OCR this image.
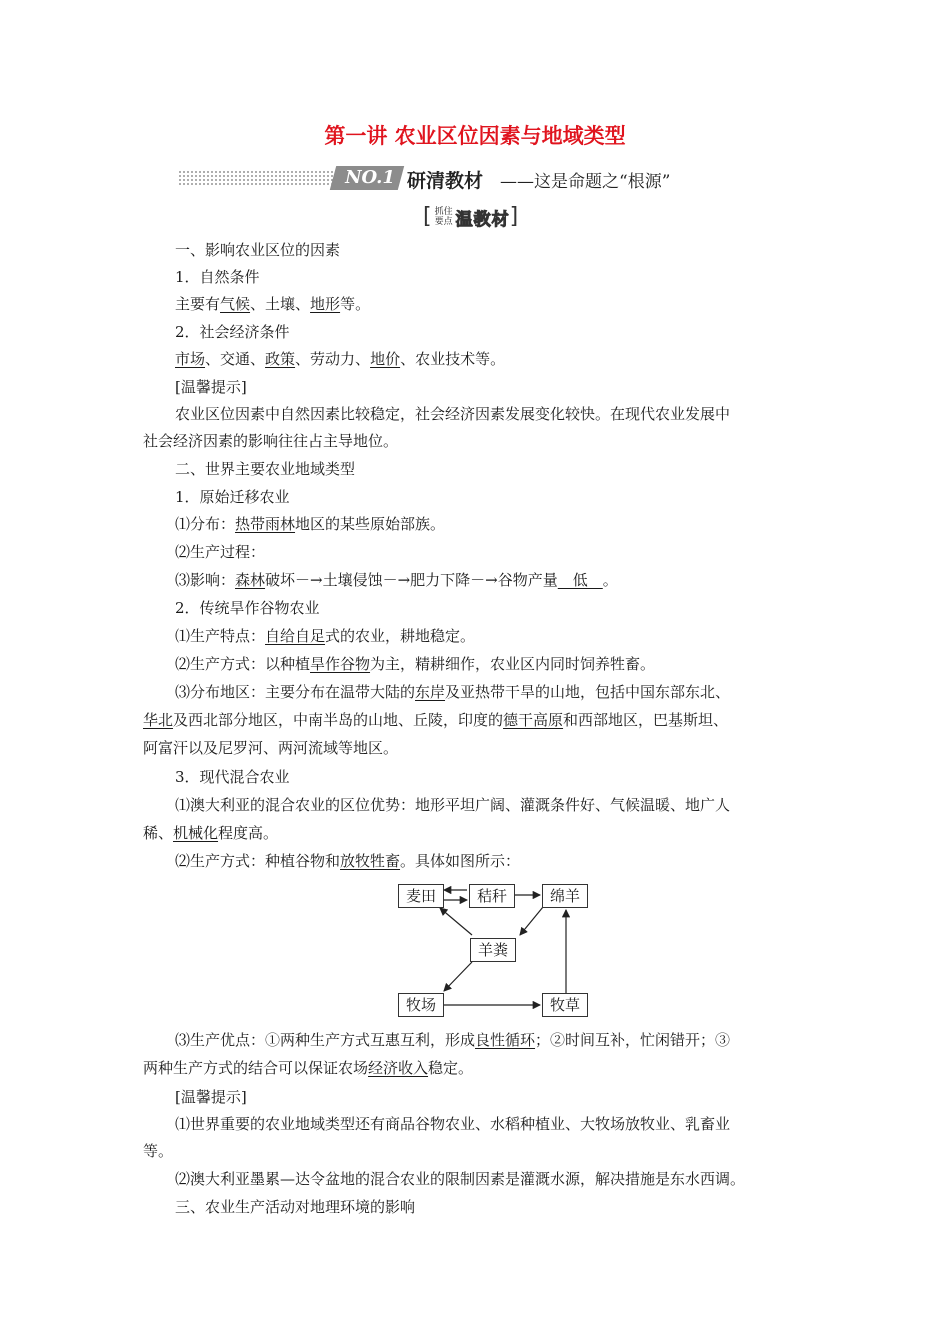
第一讲 农业区位因素与地域类型
NO.1 研清教材 ——这是命题之“根源”
[ 抓住
要点 温教材 ]
一、影响农业区位的因素
1．自然条件
主要有气候、土壤、地形等。
2．社会经济条件
市场、交通、政策、劳动力、地价、农业技术等。
[温馨提示]
农业区位因素中自然因素比较稳定，社会经济因素发展变化较快。在现代农业发展中
社会经济因素的影响往往占主导地位。
二、世界主要农业地域类型
1．原始迁移农业
⑴分布：热带雨林地区的某些原始部族。
⑵生产过程：
⑶影响：森林破坏－→土壤侵蚀－→肥力下降－→谷物产量　低　。
2．传统旱作谷物农业
⑴生产特点：自给自足式的农业，耕地稳定。
⑵生产方式：以种植旱作谷物为主，精耕细作，农业区内同时饲养牲畜。
⑶分布地区：主要分布在温带大陆的东岸及亚热带干旱的山地，包括中国东部东北、
华北及西北部分地区，中南半岛的山地、丘陵，印度的德干高原和西部地区，巴基斯坦、
阿富汗以及尼罗河、两河流域等地区。
3．现代混合农业
⑴澳大利亚的混合农业的区位优势：地形平坦广阔、灌溉条件好、气候温暖、地广人
稀、机械化程度高。
⑵生产方式：种植谷物和放牧牲畜。具体如图所示：
麦田	秸秆	绵羊
羊粪
牧场	牧草
⑶生产优点：①两种生产方式互惠互利，形成良性循环；②时间互补，忙闲错开；③
两种生产方式的结合可以保证农场经济收入稳定。
[温馨提示]
⑴世界重要的农业地域类型还有商品谷物农业、水稻种植业、大牧场放牧业、乳畜业
等。
⑵澳大利亚墨累—达令盆地的混合农业的限制因素是灌溉水源，解决措施是东水西调。
三、农业生产活动对地理环境的影响
